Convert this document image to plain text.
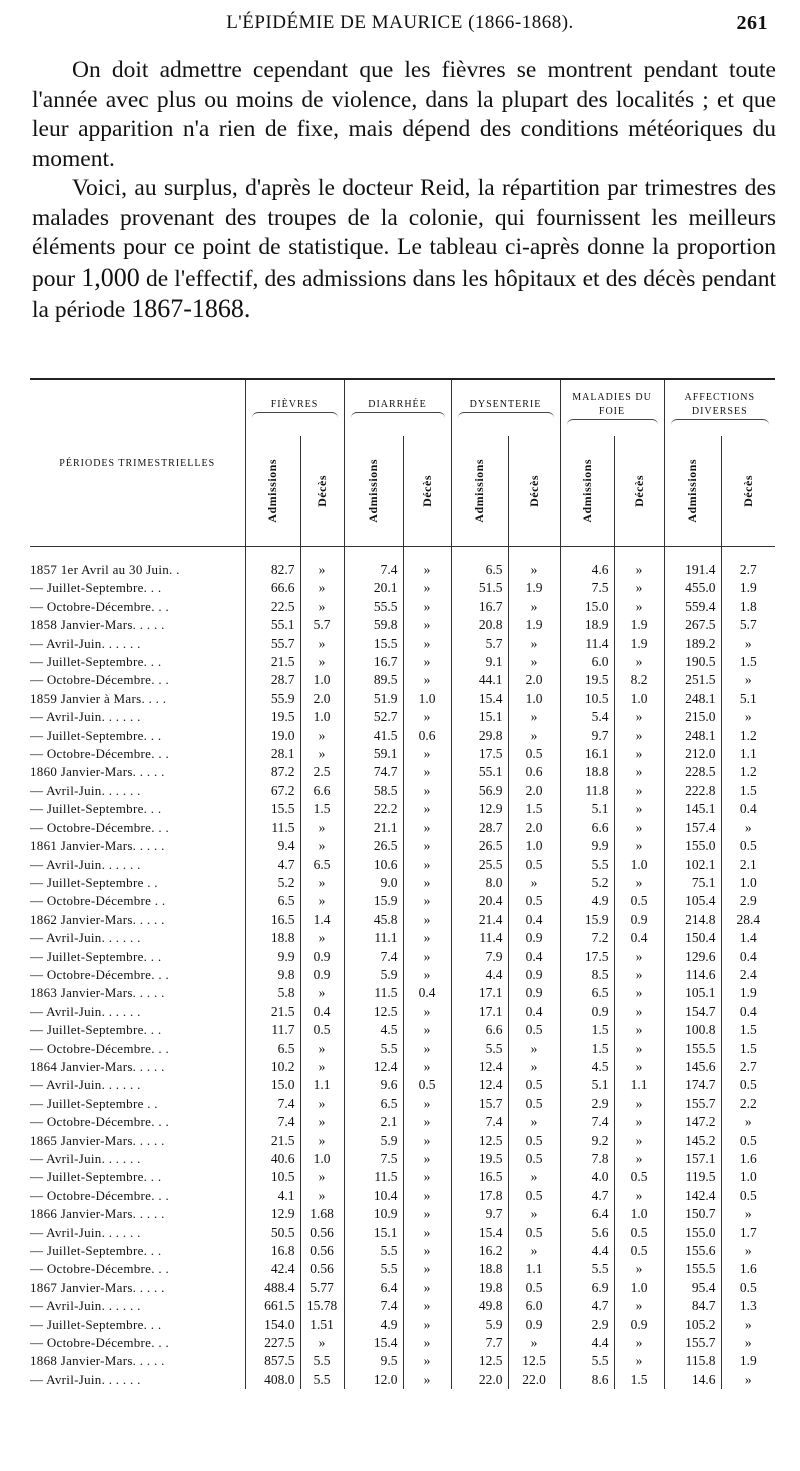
L'ÉPIDÉMIE DE MAURICE (1866-1868).	261

On doit admettre cependant que les fièvres se montrent pendant toute l'année avec plus ou moins de violence, dans la plupart des localités ; et que leur apparition n'a rien de fixe, mais dépend des conditions météoriques du moment.

Voici, au surplus, d'après le docteur Reid, la répartition par trimestres des malades provenant des troupes de la colonie, qui fournissent les meilleurs éléments pour ce point de statistique. Le tableau ci-après donne la proportion pour 1,000 de l'effectif, des admissions dans les hôpitaux et des décès pendant la période 1867-1868.

PÉRIODES TRIMESTRIELLES	FIÈVRES		DIARRHÉE		DYSENTERIE		MALADIES DU FOIE		AFFECTIONS DIVERSES	

	Admissions	Décès	Admissions	Décès	Admissions	Décès	Admissions	Décès	Admissions	Décès

1857 1er Avril au 30 Juin. .	82.7	»	7.4	»	6.5	»	4.6	»	191.4	2.7
— Juillet-Septembre. . .	66.6	»	20.1	»	51.5	1.9	7.5	»	455.0	1.9
— Octobre-Décembre. . .	22.5	»	55.5	»	16.7	»	15.0	»	559.4	1.8
1858 Janvier-Mars. . . . .	55.1	5.7	59.8	»	20.8	1.9	18.9	1.9	267.5	5.7
— Avril-Juin. . . . . .	55.7	»	15.5	»	5.7	»	11.4	1.9	189.2	»
— Juillet-Septembre. . .	21.5	»	16.7	»	9.1	»	6.0	»	190.5	1.5
— Octobre-Décembre. . .	28.7	1.0	89.5	»	44.1	2.0	19.5	8.2	251.5	»
1859 Janvier à Mars. . . .	55.9	2.0	51.9	1.0	15.4	1.0	10.5	1.0	248.1	5.1
— Avril-Juin. . . . . .	19.5	1.0	52.7	»	15.1	»	5.4	»	215.0	»
— Juillet-Septembre. . .	19.0	»	41.5	0.6	29.8	»	9.7	»	248.1	1.2
— Octobre-Décembre. . .	28.1	»	59.1	»	17.5	0.5	16.1	»	212.0	1.1
1860 Janvier-Mars. . . . .	87.2	2.5	74.7	»	55.1	0.6	18.8	»	228.5	1.2
— Avril-Juin. . . . . .	67.2	6.6	58.5	»	56.9	2.0	11.8	»	222.8	1.5
— Juillet-Septembre. . .	15.5	1.5	22.2	»	12.9	1.5	5.1	»	145.1	0.4
— Octobre-Décembre. . .	11.5	»	21.1	»	28.7	2.0	6.6	»	157.4	»
1861 Janvier-Mars. . . . .	9.4	»	26.5	»	26.5	1.0	9.9	»	155.0	0.5
— Avril-Juin. . . . . .	4.7	6.5	10.6	»	25.5	0.5	5.5	1.0	102.1	2.1
— Juillet-Septembre . .	5.2	»	9.0	»	8.0	»	5.2	»	75.1	1.0
— Octobre-Décembre . .	6.5	»	15.9	»	20.4	0.5	4.9	0.5	105.4	2.9
1862 Janvier-Mars. . . . .	16.5	1.4	45.8	»	21.4	0.4	15.9	0.9	214.8	28.4
— Avril-Juin. . . . . .	18.8	»	11.1	»	11.4	0.9	7.2	0.4	150.4	1.4
— Juillet-Septembre. . .	9.9	0.9	7.4	»	7.9	0.4	17.5	»	129.6	0.4
— Octobre-Décembre. . .	9.8	0.9	5.9	»	4.4	0.9	8.5	»	114.6	2.4
1863 Janvier-Mars. . . . .	5.8	»	11.5	0.4	17.1	0.9	6.5	»	105.1	1.9
— Avril-Juin. . . . . .	21.5	0.4	12.5	»	17.1	0.4	0.9	»	154.7	0.4
— Juillet-Septembre. . .	11.7	0.5	4.5	»	6.6	0.5	1.5	»	100.8	1.5
— Octobre-Décembre. . .	6.5	»	5.5	»	5.5	»	1.5	»	155.5	1.5
1864 Janvier-Mars. . . . .	10.2	»	12.4	»	12.4	»	4.5	»	145.6	2.7
— Avril-Juin. . . . . .	15.0	1.1	9.6	0.5	12.4	0.5	5.1	1.1	174.7	0.5
— Juillet-Septembre . .	7.4	»	6.5	»	15.7	0.5	2.9	»	155.7	2.2
— Octobre-Décembre. . .	7.4	»	2.1	»	7.4	»	7.4	»	147.2	»
1865 Janvier-Mars. . . . .	21.5	»	5.9	»	12.5	0.5	9.2	»	145.2	0.5
— Avril-Juin. . . . . .	40.6	1.0	7.5	»	19.5	0.5	7.8	»	157.1	1.6
— Juillet-Septembre. . .	10.5	»	11.5	»	16.5	»	4.0	0.5	119.5	1.0
— Octobre-Décembre. . .	4.1	»	10.4	»	17.8	0.5	4.7	»	142.4	0.5
1866 Janvier-Mars. . . . .	12.9	1.68	10.9	»	9.7	»	6.4	1.0	150.7	»
— Avril-Juin. . . . . .	50.5	0.56	15.1	»	15.4	0.5	5.6	0.5	155.0	1.7
— Juillet-Septembre. . .	16.8	0.56	5.5	»	16.2	»	4.4	0.5	155.6	»
— Octobre-Décembre. . .	42.4	0.56	5.5	»	18.8	1.1	5.5	»	155.5	1.6
1867 Janvier-Mars. . . . .	488.4	5.77	6.4	»	19.8	0.5	6.9	1.0	95.4	0.5
— Avril-Juin. . . . . .	661.5	15.78	7.4	»	49.8	6.0	4.7	»	84.7	1.3
— Juillet-Septembre. . .	154.0	1.51	4.9	»	5.9	0.9	2.9	0.9	105.2	»
— Octobre-Décembre. . .	227.5	»	15.4	»	7.7	»	4.4	»	155.7	»
1868 Janvier-Mars. . . . .	857.5	5.5	9.5	»	12.5	12.5	5.5	»	115.8	1.9
— Avril-Juin. . . . . .	408.0	5.5	12.0	»	22.0	22.0	8.6	1.5	14.6	»
